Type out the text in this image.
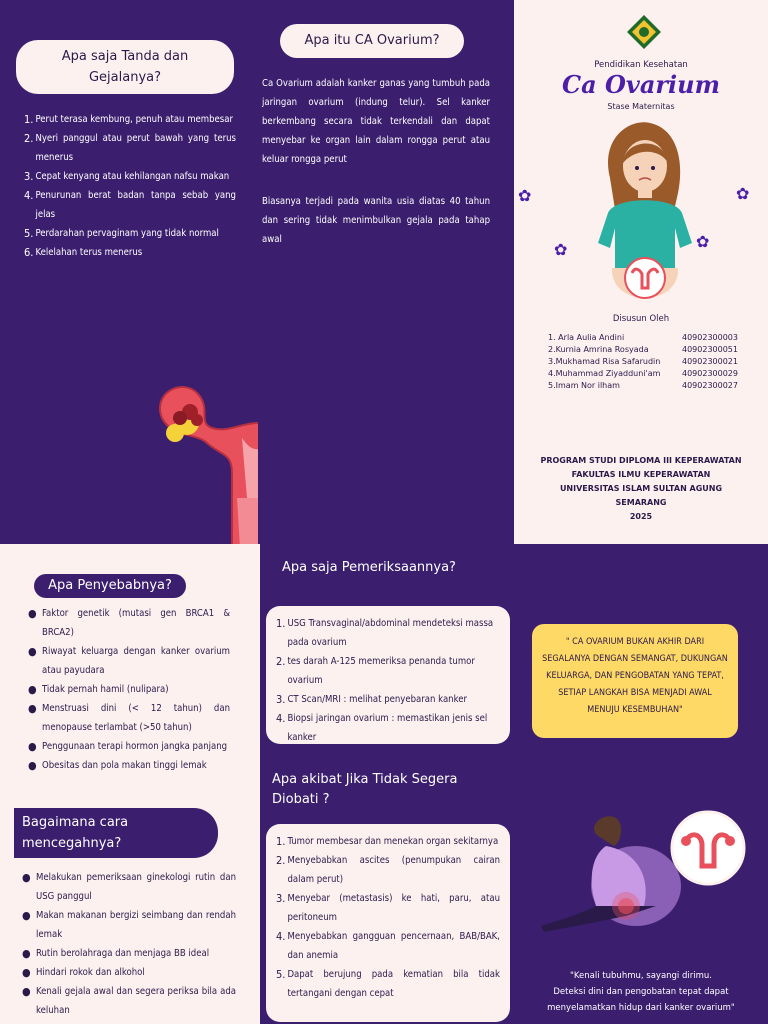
Apa saja Tanda dan Gejalanya?
1. Perut terasa kembung, penuh atau membesar
2. Nyeri panggul atau perut bawah yang terus menerus
3. Cepat kenyang atau kehilangan nafsu makan
4. Penurunan berat badan tanpa sebab yang jelas
5. Perdarahan pervaginam yang tidak normal
6. Kelelahan terus menerus
Apa itu CA Ovarium?

Ca Ovarium adalah kanker ganas yang tumbuh pada jaringan ovarium (indung telur). Sel kanker berkembang secara tidak terkendali dan dapat menyebar ke organ lain dalam rongga perut atau keluar rongga perut

Biasanya terjadi pada wanita usia diatas 40 tahun dan sering tidak menimbulkan gejala pada tahap awal

Pendidikan Kesehatan
Ca Ovarium
Stase Maternitas
✿	✿
✿	✿
Disusun Oleh
1. Arla Aulia Andini	40902300003
2.Kurnia Amrina Rosyada	40902300051
3.Mukhamad Risa Safarudin	40902300021
4.Muhammad Ziyadduni'am	40902300029
5.Imam Nor ilham	40902300027
PROGRAM STUDI DIPLOMA III KEPERAWATAN
FAKULTAS ILMU KEPERAWATAN
UNIVERSITAS ISLAM SULTAN AGUNG
SEMARANG
2025
Apa Penyebabnya?
● Faktor genetik (mutasi gen BRCA1 & BRCA2)
● Riwayat keluarga dengan kanker ovarium atau payudara
● Tidak pernah hamil (nulipara)
● Menstruasi dini (< 12 tahun) dan menopause terlambat (>50 tahun)
● Penggunaan terapi hormon jangka panjang
● Obesitas dan pola makan tinggi lemak
Bagaimana cara mencegahnya?
● Melakukan pemeriksaan ginekologi rutin dan USG panggul
● Makan makanan bergizi seimbang dan rendah lemak
● Rutin berolahraga dan menjaga BB ideal
● Hindari rokok dan alkohol
● Kenali gejala awal dan segera periksa bila ada keluhan
Apa saja Pemeriksaannya?
1. USG Transvaginal/abdominal mendeteksi massa pada ovarium
2. tes darah A-125 memeriksa penanda tumor ovarium
3. CT Scan/MRI : melihat penyebaran kanker
4. Biopsi jaringan ovarium : memastikan jenis sel kanker
Apa akibat Jika Tidak Segera Diobati ?
1. Tumor membesar dan menekan organ sekitarnya
2. Menyebabkan ascites (penumpukan cairan dalam perut)
3. Menyebar (metastasis) ke hati, paru, atau peritoneum
4. Menyebabkan gangguan pencernaan, BAB/BAK, dan anemia
5. Dapat berujung pada kematian bila tidak tertangani dengan cepat
" CA OVARIUM BUKAN AKHIR DARI SEGALANYA DENGAN SEMANGAT, DUKUNGAN KELUARGA, DAN PENGOBATAN YANG TEPAT, SETIAP LANGKAH BISA MENJADI AWAL MENUJU KESEMBUHAN"
"Kenali tubuhmu, sayangi dirimu.
Deteksi dini dan pengobatan tepat dapat menyelamatkan hidup dari kanker ovarium"
